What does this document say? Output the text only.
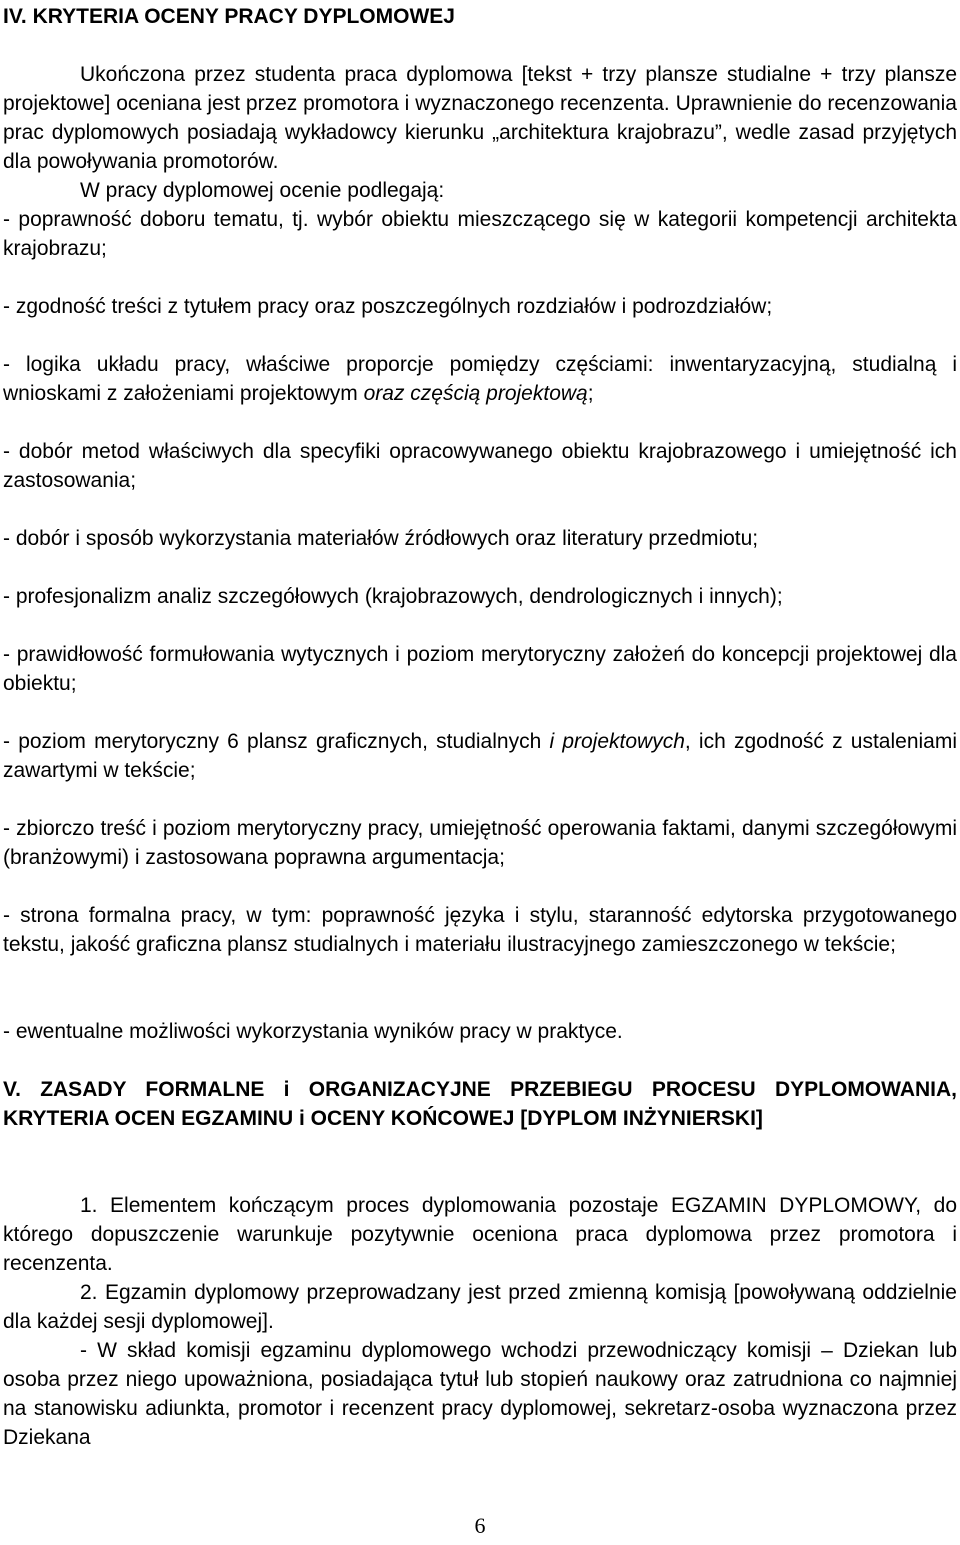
IV. KRYTERIA OCENY PRACY DYPLOMOWEJ

Ukończona przez studenta praca dyplomowa [tekst + trzy plansze studialne + trzy plansze projektowe] oceniana jest przez promotora i wyznaczonego recenzenta. Uprawnienie do recenzowania prac dyplomowych posiadają wykładowcy kierunku „architektura krajobrazu”, wedle zasad przyjętych dla powoływania promotorów.

W pracy dyplomowej ocenie podlegają:

- poprawność doboru tematu, tj. wybór obiektu mieszczącego się w kategorii kompetencji architekta krajobrazu;

- zgodność treści z tytułem pracy oraz poszczególnych rozdziałów i podrozdziałów;

- logika układu pracy, właściwe proporcje pomiędzy częściami: inwentaryzacyjną, studialną i wnioskami z założeniami projektowym oraz częścią projektową;

- dobór metod właściwych dla specyfiki opracowywanego obiektu krajobrazowego i umiejętność ich zastosowania;

- dobór i sposób wykorzystania materiałów źródłowych oraz literatury przedmiotu;

- profesjonalizm analiz szczegółowych (krajobrazowych, dendrologicznych i innych);

- prawidłowość formułowania wytycznych i poziom merytoryczny założeń do koncepcji projektowej dla obiektu;

- poziom merytoryczny 6 plansz graficznych, studialnych i projektowych, ich zgodność z ustaleniami zawartymi w tekście;

- zbiorczo treść i poziom merytoryczny pracy, umiejętność operowania faktami, danymi szczegółowymi (branżowymi) i zastosowana poprawna argumentacja;

- strona formalna pracy, w tym: poprawność języka i stylu, staranność edytorska przygotowanego tekstu, jakość graficzna plansz studialnych i materiału ilustracyjnego zamieszczonego w tekście;

- ewentualne możliwości wykorzystania wyników pracy w praktyce.

V. ZASADY FORMALNE i ORGANIZACYJNE PRZEBIEGU PROCESU DYPLOMOWANIA, KRYTERIA OCEN EGZAMINU i OCENY KOŃCOWEJ [DYPLOM INŻYNIERSKI]

1. Elementem kończącym proces dyplomowania pozostaje EGZAMIN DYPLOMOWY, do którego dopuszczenie warunkuje pozytywnie oceniona praca dyplomowa przez promotora i recenzenta.

2. Egzamin dyplomowy przeprowadzany jest przed zmienną komisją [powoływaną oddzielnie dla każdej sesji dyplomowej].

- W skład komisji egzaminu dyplomowego wchodzi przewodniczący komisji – Dziekan lub osoba przez niego upoważniona, posiadająca tytuł lub stopień naukowy oraz zatrudniona co najmniej na stanowisku adiunkta, promotor i recenzent pracy dyplomowej, sekretarz-osoba wyznaczona przez Dziekana

6
